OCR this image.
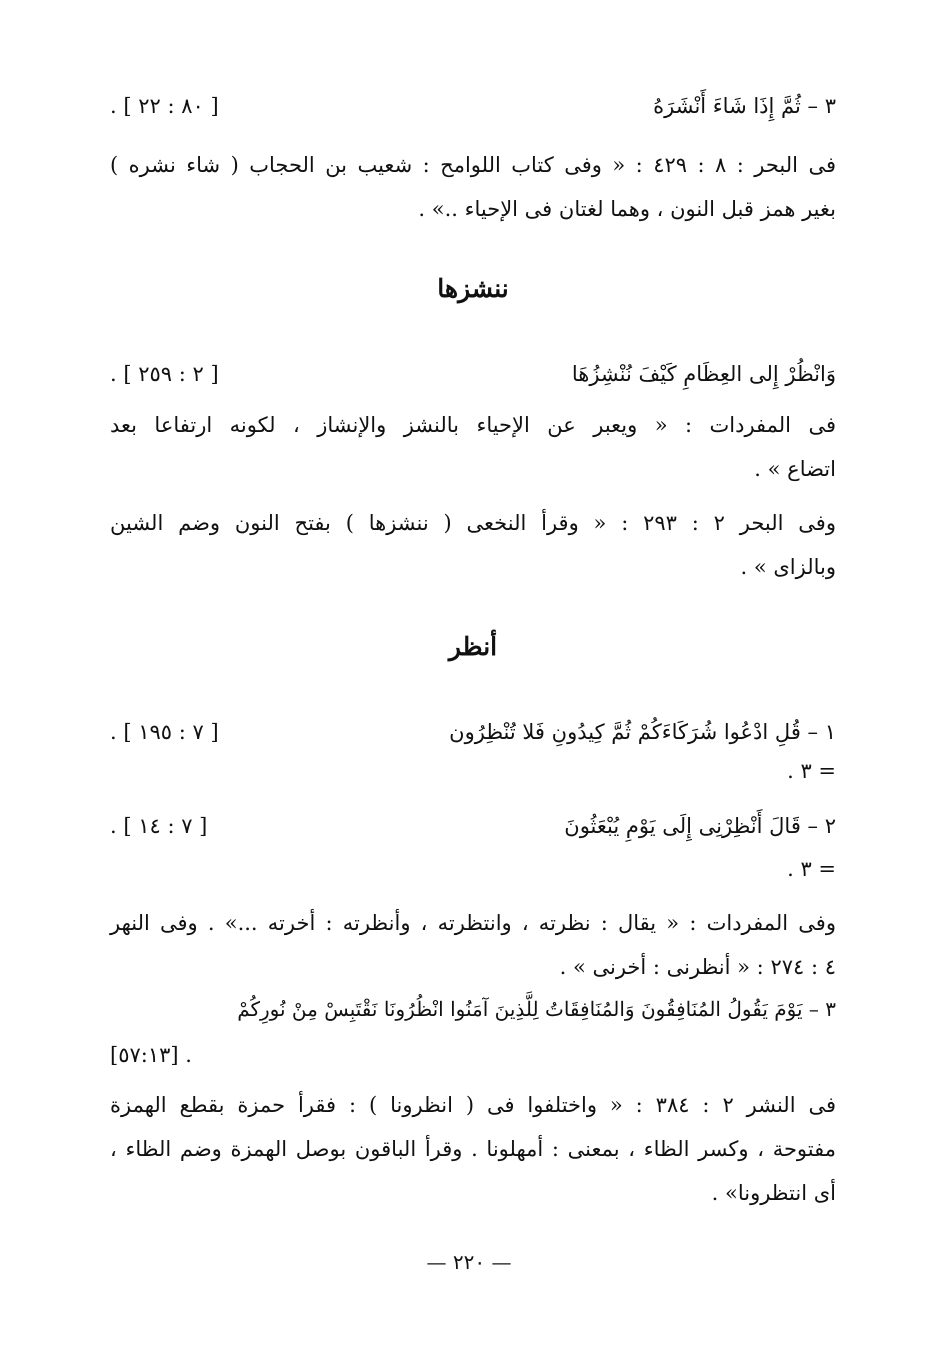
٣ – ثُمَّ إِذَا شَاءَ أَنْشَرَهُ
[ ٨٠ : ٢٢ ] .
فى البحر : ٨ : ٤٢٩ : « وفى كتاب اللوامح : شعيب بن الحجاب ( شاء نشره )
بغير همز قبل النون ، وهما لغتان فى الإحياء ..» .
ننشزها
وَانْظُرْ إِلى العِظَامِ كَيْفَ نُنْشِزُهَا
[ ٢ : ٢٥٩ ] .
فى المفردات : « ويعبر عن الإحياء بالنشز والإنشاز ، لكونه ارتفاعا بعد
اتضاع » .
وفى البحر ٢ : ٢٩٣ : « وقرأ النخعى ( ننشزها ) بفتح النون وضم الشين
وبالزاى » .
أنظر
١ – قُلِ ادْعُوا شُرَكَاءَكُمْ ثُمَّ كِيدُونِ فَلا تُنْظِرُون
[ ٧ : ١٩٥ ] .
= ٣ .
٢ – قَالَ أَنْظِرْنِى إِلَى يَوْمِ يُبْعَثُونَ
[ ٧ : ١٤ ] .
= ٣ .
وفى المفردات : « يقال : نظرته ، وانتظرته ، وأنظرته : أخرته ...» . وفى النهر
٤ : ٢٧٤ : « أنظرنى : أخرنى » .
٣ – يَوْمَ يَقُولُ المُنَافِقُونَ وَالمُنَافِقَاتُ لِلَّذِينَ آمَنُوا انْظُرُونَا نَقْتَبِسْ مِنْ نُورِكُمْ
[٥٧:١٣] .
فى النشر ٢ : ٣٨٤ : « واختلفوا فى ( انظرونا ) : فقرأ حمزة بقطع الهمزة
مفتوحة ، وكسر الظاء ، بمعنى : أمهلونا . وقرأ الباقون بوصل الهمزة وضم الظاء ،
أى انتظرونا» .
— ٢٢٠ —
